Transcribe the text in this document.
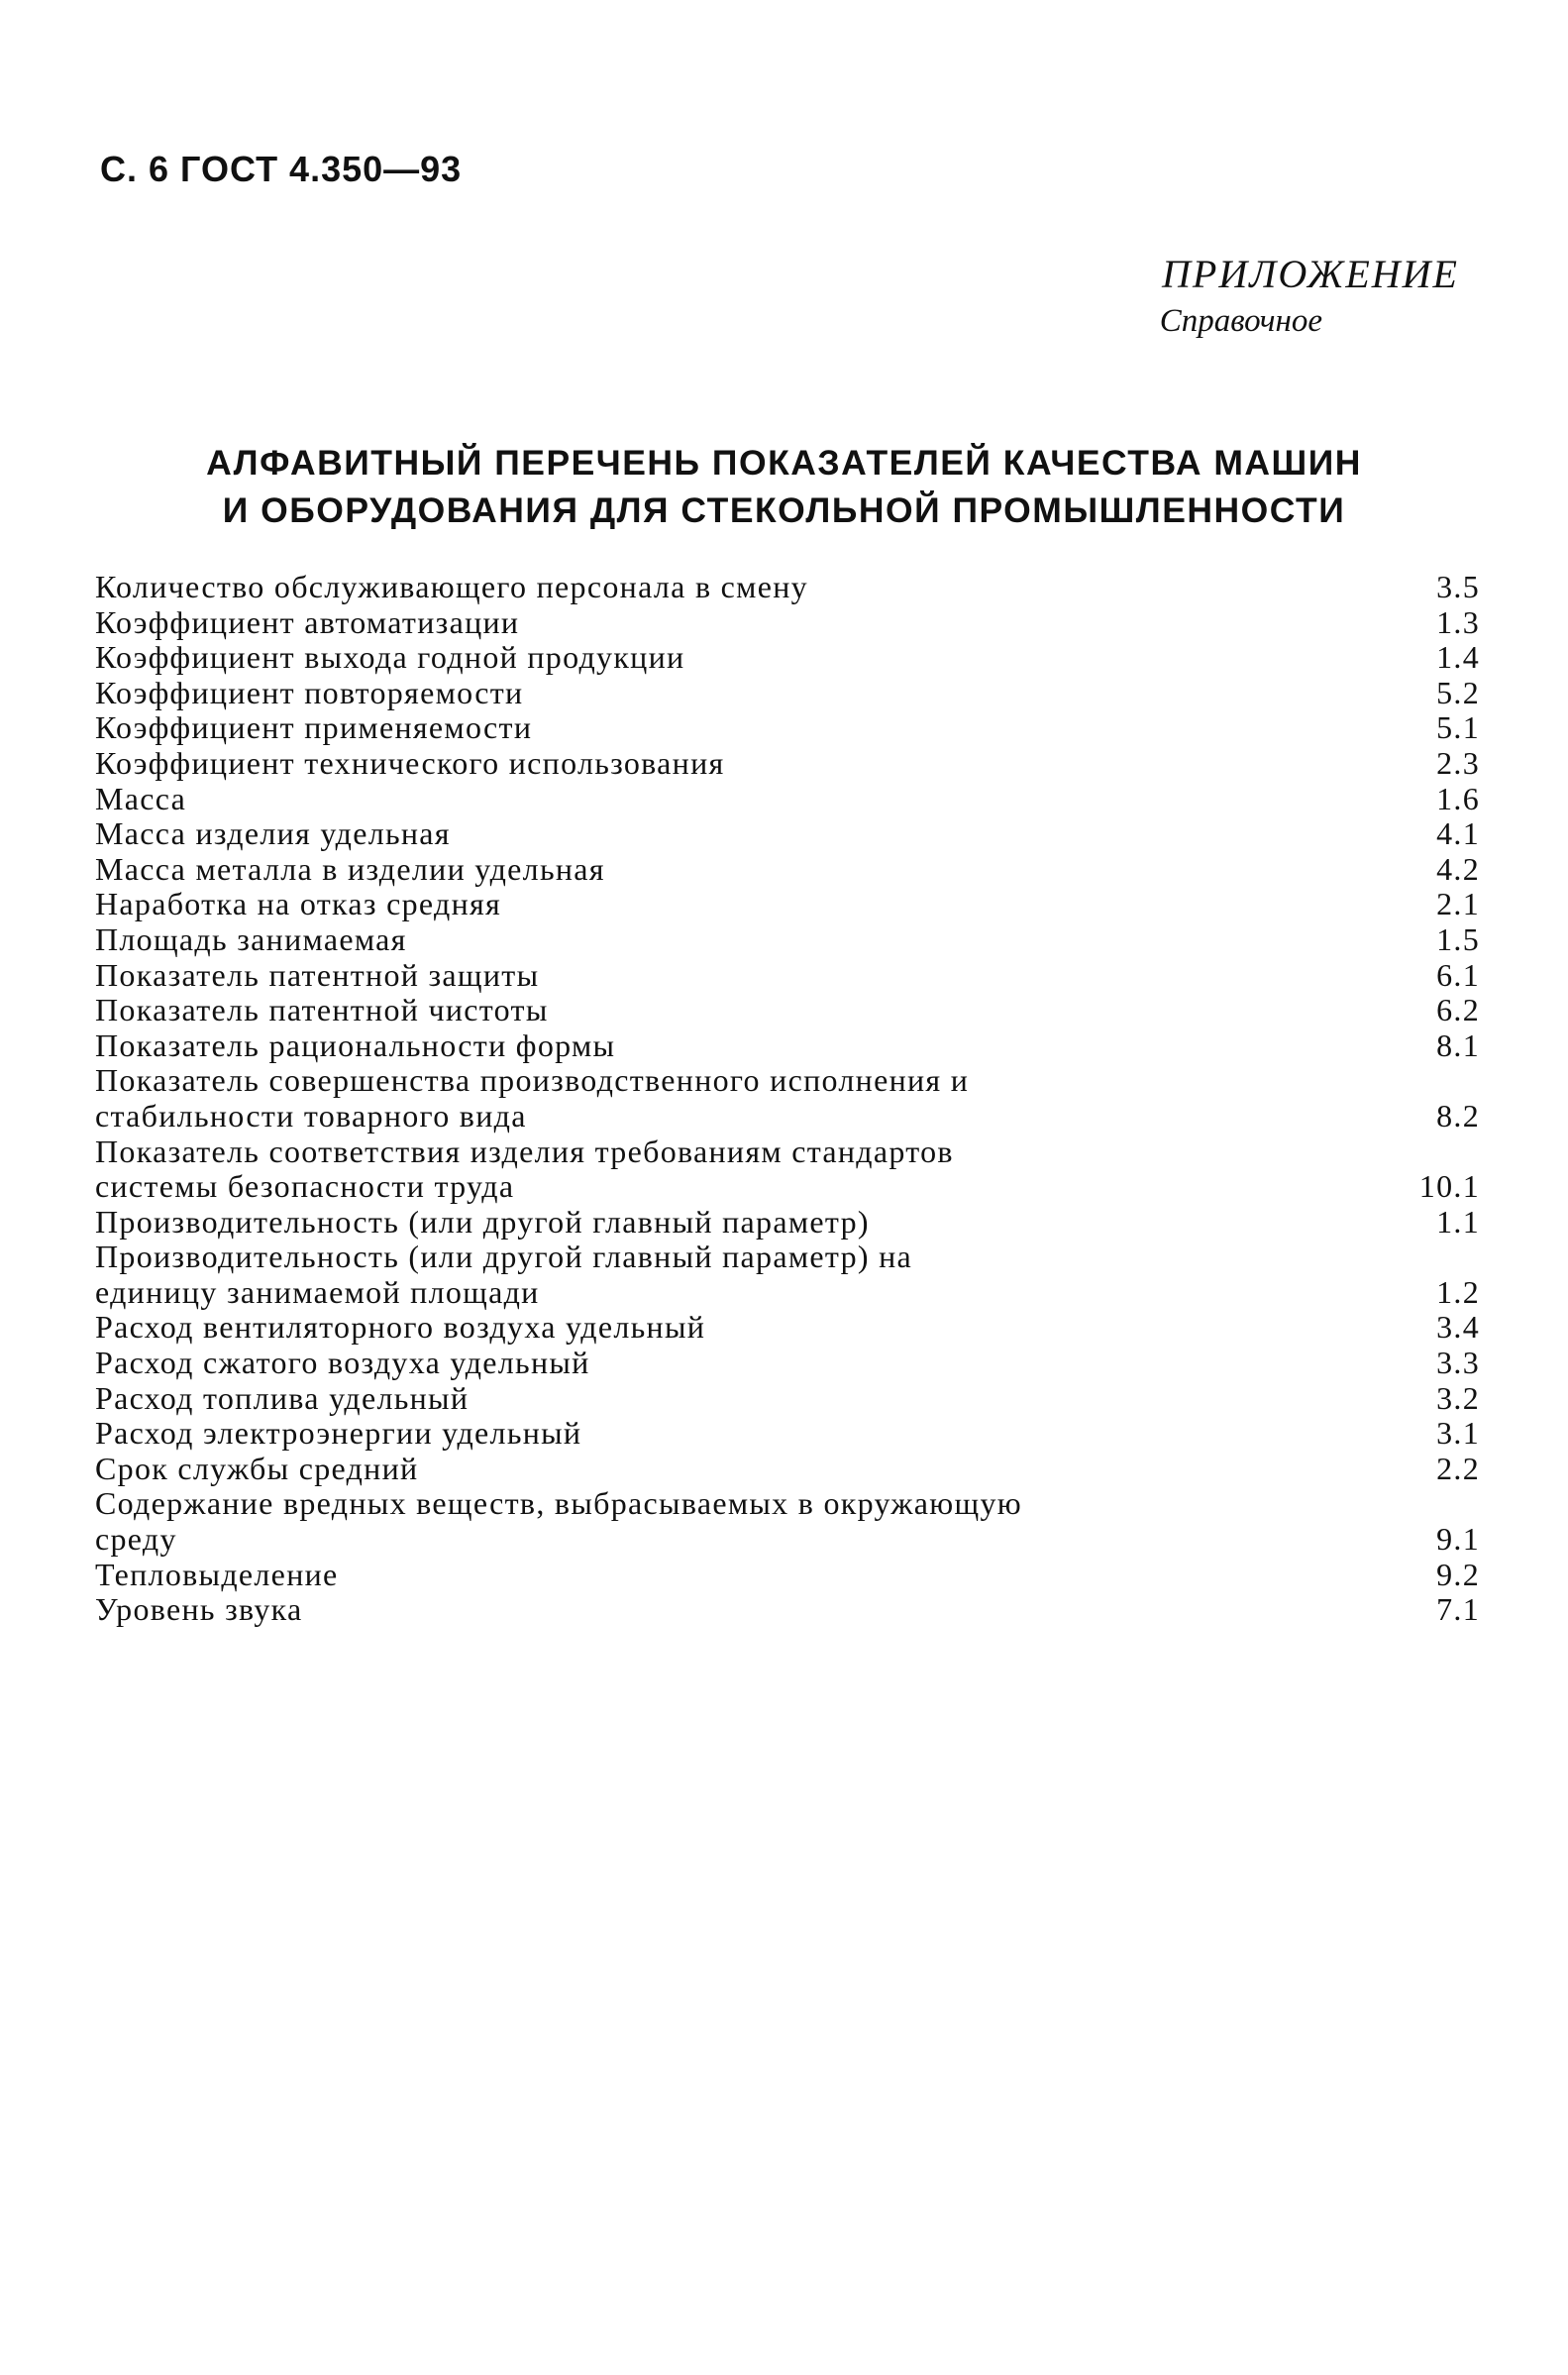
С. 6 ГОСТ 4.350—93
ПРИЛОЖЕНИЕ
Справочное
АЛФАВИТНЫЙ ПЕРЕЧЕНЬ ПОКАЗАТЕЛЕЙ КАЧЕСТВА МАШИН
И ОБОРУДОВАНИЯ ДЛЯ СТЕКОЛЬНОЙ ПРОМЫШЛЕННОСТИ
Количество обслуживающего персонала в смену	3.5
Коэффициент автоматизации	1.3
Коэффициент выхода годной продукции	1.4
Коэффициент повторяемости	5.2
Коэффициент применяемости	5.1
Коэффициент технического использования	2.3
Масса	1.6
Масса изделия удельная	4.1
Масса металла в изделии удельная	4.2
Наработка на отказ средняя	2.1
Площадь занимаемая	1.5
Показатель патентной защиты	6.1
Показатель патентной чистоты	6.2
Показатель рациональности формы	8.1
Показатель совершенства производственного исполнения и
стабильности товарного вида	8.2
Показатель соответствия изделия требованиям стандартов
системы безопасности труда	10.1
Производительность (или другой главный параметр)	1.1
Производительность (или другой главный параметр) на
единицу занимаемой площади	1.2
Расход вентиляторного воздуха удельный	3.4
Расход сжатого воздуха удельный	3.3
Расход топлива удельный	3.2
Расход электроэнергии удельный	3.1
Срок службы средний	2.2
Содержание вредных веществ, выбрасываемых в окружающую
среду	9.1
Тепловыделение	9.2
Уровень звука	7.1
